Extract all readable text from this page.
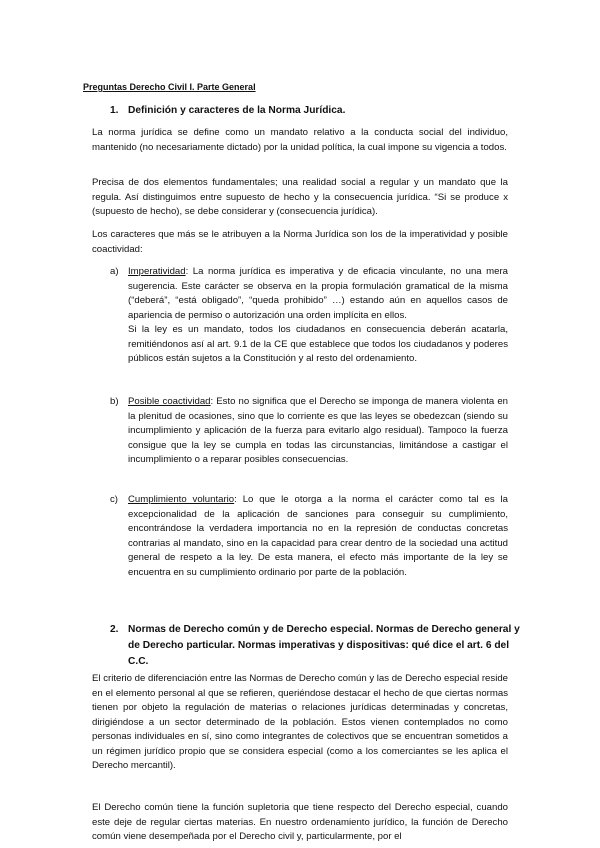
Preguntas Derecho Civil I. Parte General
1. Definición y caracteres de la Norma Jurídica.

La norma jurídica se define como un mandato relativo a la conducta social del individuo, mantenido (no necesariamente dictado) por la unidad política, la cual impone su vigencia a todos.

Precisa de dos elementos fundamentales; una realidad social a regular y un mandato que la regula. Así distinguimos entre supuesto de hecho y la consecuencia jurídica. “Si se produce x (supuesto de hecho), se debe considerar y (consecuencia jurídica).

Los caracteres que más se le atribuyen a la Norma Jurídica son los de la imperatividad y posible coactividad:

a) Imperatividad: La norma jurídica es imperativa y de eficacia vinculante, no una mera sugerencia. Este carácter se observa en la propia formulación gramatical de la misma (“deberá”, “está obligado”, “queda prohibido” …) estando aún en aquellos casos de apariencia de permiso o autorización una orden implícita en ellos.
Si la ley es un mandato, todos los ciudadanos en consecuencia deberán acatarla, remitiéndonos así al art. 9.1 de la CE que establece que todos los ciudadanos y poderes públicos están sujetos a la Constitución y al resto del ordenamiento.
b) Posible coactividad: Esto no significa que el Derecho se imponga de manera violenta en la plenitud de ocasiones, sino que lo corriente es que las leyes se obedezcan (siendo su incumplimiento y aplicación de la fuerza para evitarlo algo residual). Tampoco la fuerza consigue que la ley se cumpla en todas las circunstancias, limitándose a castigar el incumplimiento o a reparar posibles consecuencias.
c)	Cumplimiento voluntario: Lo que le otorga a la norma el carácter como tal es la excepcionalidad de la aplicación de sanciones para conseguir su cumplimiento, encontrándose la verdadera importancia no en la represión de conductas concretas contrarias al mandato, sino en la capacidad para crear dentro de la sociedad una actitud general de respeto a la ley. De esta manera, el efecto más importante de la ley se encuentra en su cumplimiento ordinario por parte de la población.
2. Normas de Derecho común y de Derecho especial. Normas de Derecho general y de Derecho particular. Normas imperativas y dispositivas: qué dice el art. 6 del C.C.

El criterio de diferenciación entre las Normas de Derecho común y las de Derecho especial reside en el elemento personal al que se refieren, queriéndose destacar el hecho de que ciertas normas tienen por objeto la regulación de materias o relaciones jurídicas determinadas y concretas, dirigiéndose a un sector determinado de la población. Estos vienen contemplados no como personas individuales en sí, sino como integrantes de colectivos que se encuentran sometidos a un régimen jurídico propio que se considera especial (como a los comerciantes se les aplica el Derecho mercantil).

El Derecho común tiene la función supletoria que tiene respecto del Derecho especial, cuando este deje de regular ciertas materias. En nuestro ordenamiento jurídico, la función de Derecho común viene desempeñada por el Derecho civil y, particularmente, por el
